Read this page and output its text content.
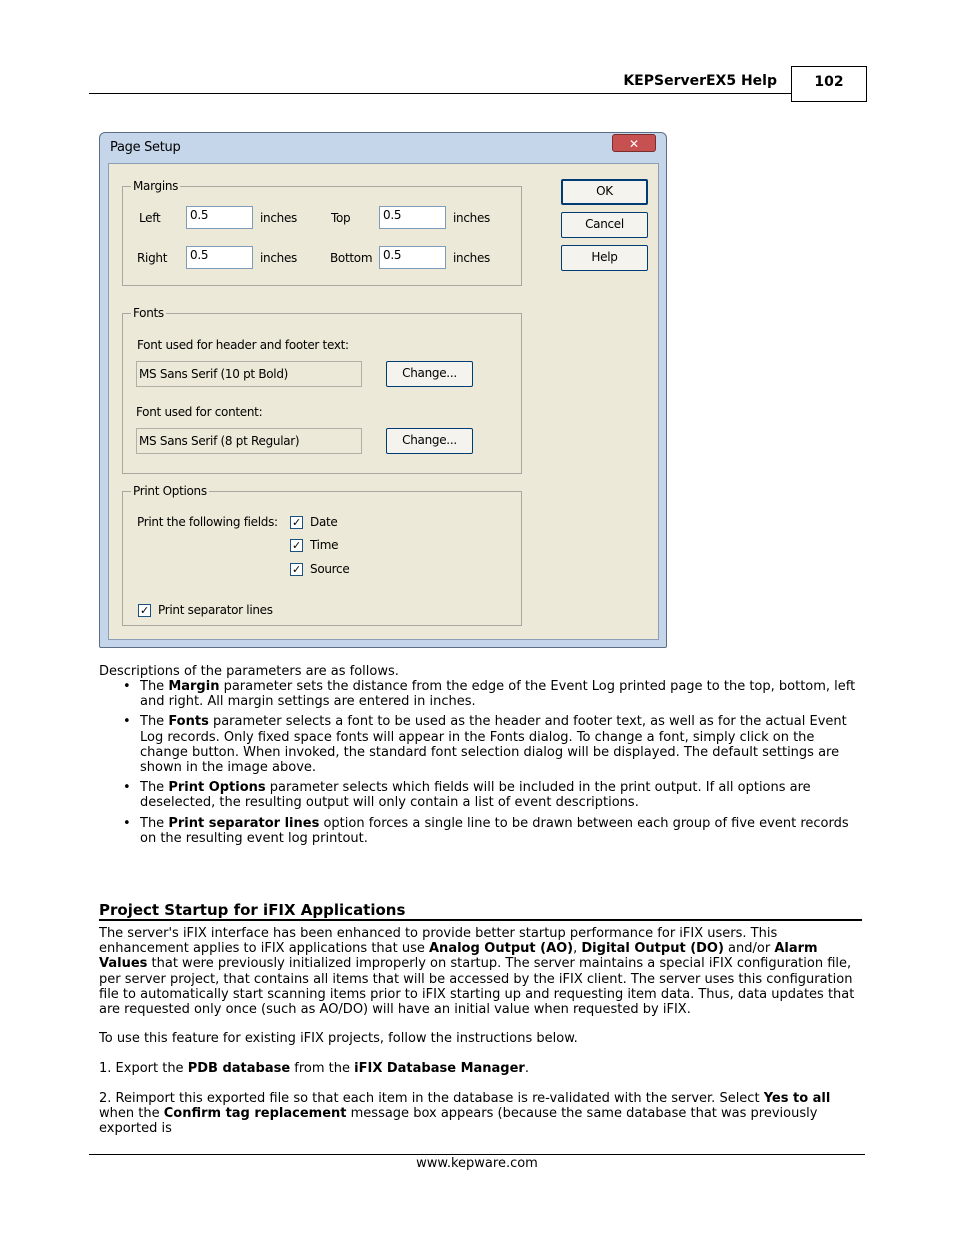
KEPServerEX5 Help	102
Page Setup	✕
Margins
Left	0.5	inches	Top	0.5	inches
Right	0.5	inches	Bottom 0.5	inches
Fonts
Font used for header and footer text:
MS Sans Serif (10 pt Bold)	Change...
Font used for content:
MS Sans Serif (8 pt Regular)	Change...
Print Options
Print the following fields: ✓ Date
✓ Time
✓ Source
✓ Print separator lines
OK
Cancel
Help
Descriptions of the parameters are as follows.
• The Margin parameter sets the distance from the edge of the Event Log printed page to the top, bottom, left and right. All margin settings are entered in inches.
• The Fonts parameter selects a font to be used as the header and footer text, as well as for the actual Event Log records. Only fixed space fonts will appear in the Fonts dialog. To change a font, simply click on the change button. When invoked, the standard font selection dialog will be displayed. The default settings are shown in the image above.
• The Print Options parameter selects which fields will be included in the print output. If all options are deselected, the resulting output will only contain a list of event descriptions.
• The Print separator lines option forces a single line to be drawn between each group of five event records on the resulting event log printout.
Project Startup for iFIX Applications
The server's iFIX interface has been enhanced to provide better startup performance for iFIX users. This enhancement applies to iFIX applications that use Analog Output (AO), Digital Output (DO) and/or Alarm Values that were previously initialized improperly on startup. The server maintains a special iFIX configuration file, per server project, that contains all items that will be accessed by the iFIX client. The server uses this configuration file to automatically start scanning items prior to iFIX starting up and requesting item data. Thus, data updates that are requested only once (such as AO/DO) will have an initial value when requested by iFIX.
To use this feature for existing iFIX projects, follow the instructions below.
1. Export the PDB database from the iFIX Database Manager.
2. Reimport this exported file so that each item in the database is re-validated with the server. Select Yes to all when the Confirm tag replacement message box appears (because the same database that was previously exported is
www.kepware.com
